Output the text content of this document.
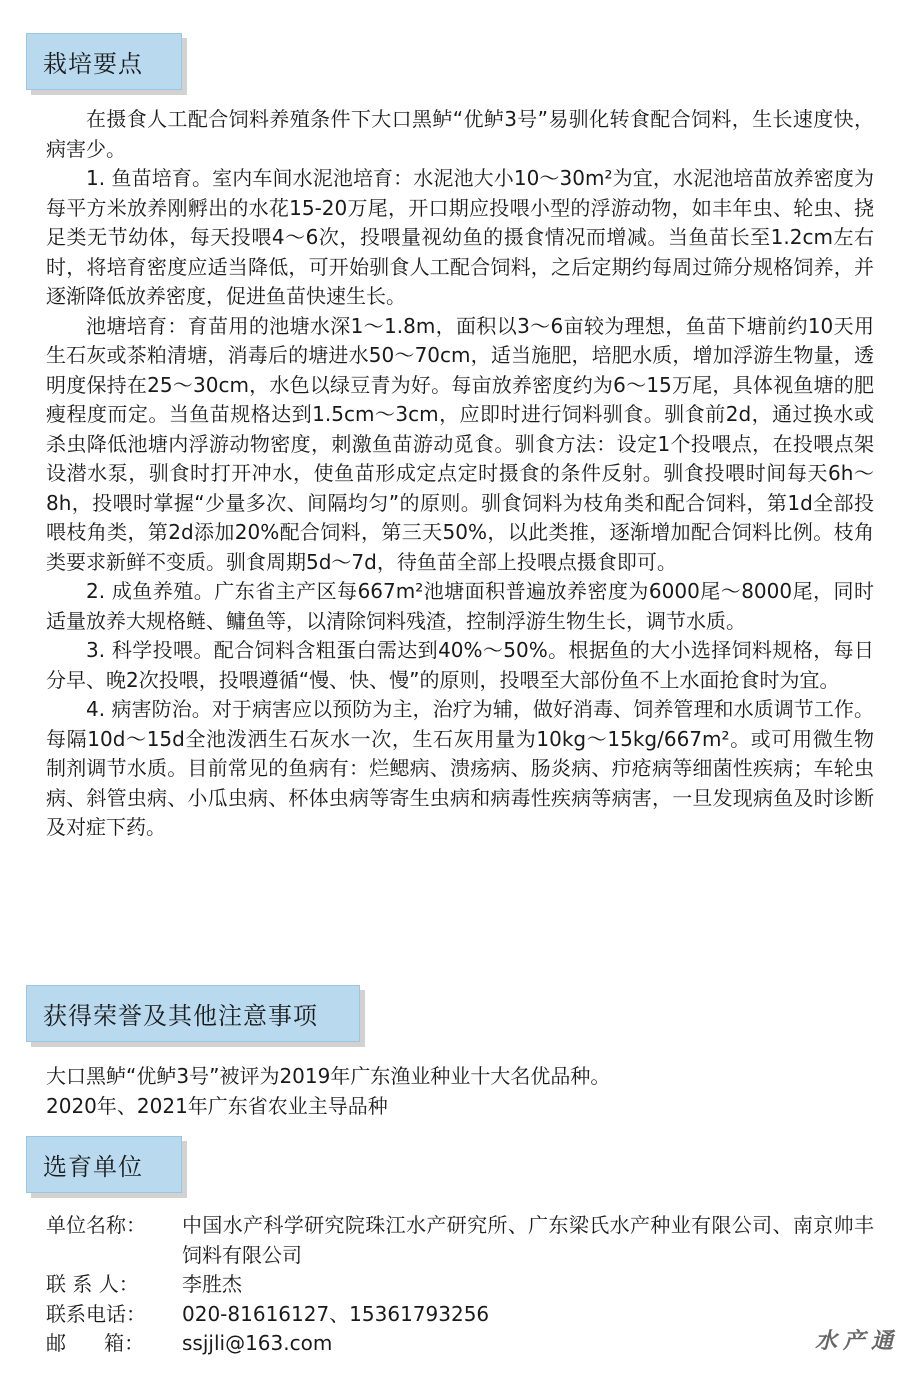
栽培要点

在摄食人工配合饲料养殖条件下大口黑鲈“优鲈3号”易驯化转食配合饲料，生长速度快，病害少。

1. 鱼苗培育。室内车间水泥池培育：水泥池大小10～30m²为宜，水泥池培苗放养密度为每平方米放养刚孵出的水花15-20万尾，开口期应投喂小型的浮游动物，如丰年虫、轮虫、挠足类无节幼体，每天投喂4～6次，投喂量视幼鱼的摄食情况而增减。当鱼苗长至1.2cm左右时，将培育密度应适当降低，可开始驯食人工配合饲料，之后定期约每周过筛分规格饲养，并逐渐降低放养密度，促进鱼苗快速生长。

池塘培育：育苗用的池塘水深1～1.8m，面积以3～6亩较为理想，鱼苗下塘前约10天用生石灰或茶粕清塘，消毒后的塘进水50～70cm，适当施肥，培肥水质，增加浮游生物量，透明度保持在25～30cm，水色以绿豆青为好。每亩放养密度约为6～15万尾，具体视鱼塘的肥瘦程度而定。当鱼苗规格达到1.5cm～3cm，应即时进行饲料驯食。驯食前2d，通过换水或杀虫降低池塘内浮游动物密度，刺激鱼苗游动觅食。驯食方法：设定1个投喂点，在投喂点架设潜水泵，驯食时打开冲水，使鱼苗形成定点定时摄食的条件反射。驯食投喂时间每天6h～8h，投喂时掌握“少量多次、间隔均匀”的原则。驯食饲料为枝角类和配合饲料，第1d全部投喂枝角类，第2d添加20%配合饲料，第三天50%，以此类推，逐渐增加配合饲料比例。枝角类要求新鲜不变质。驯食周期5d～7d，待鱼苗全部上投喂点摄食即可。

2. 成鱼养殖。广东省主产区每667m²池塘面积普遍放养密度为6000尾～8000尾，同时适量放养大规格鲢、鳙鱼等，以清除饲料残渣，控制浮游生物生长，调节水质。

3. 科学投喂。配合饲料含粗蛋白需达到40%～50%。根据鱼的大小选择饲料规格，每日分早、晚2次投喂，投喂遵循“慢、快、慢”的原则，投喂至大部份鱼不上水面抢食时为宜。

4. 病害防治。对于病害应以预防为主，治疗为辅，做好消毒、饲养管理和水质调节工作。每隔10d～15d全池泼洒生石灰水一次，生石灰用量为10kg～15kg/667m²。或可用微生物制剂调节水质。目前常见的鱼病有：烂鳃病、溃疡病、肠炎病、疖疮病等细菌性疾病；车轮虫病、斜管虫病、小瓜虫病、杯体虫病等寄生虫病和病毒性疾病等病害，一旦发现病鱼及时诊断及对症下药。

获得荣誉及其他注意事项

大口黑鲈“优鲈3号”被评为2019年广东渔业种业十大名优品种。

2020年、2021年广东省农业主导品种

选育单位
单位名称：	中国水产科学研究院珠江水产研究所、广东梁氏水产种业有限公司、南京帅丰饲料有限公司
联 系 人：	李胜杰
联系电话：	020-81616127、15361793256
邮      箱：	ssjjli@163.com	水产通
